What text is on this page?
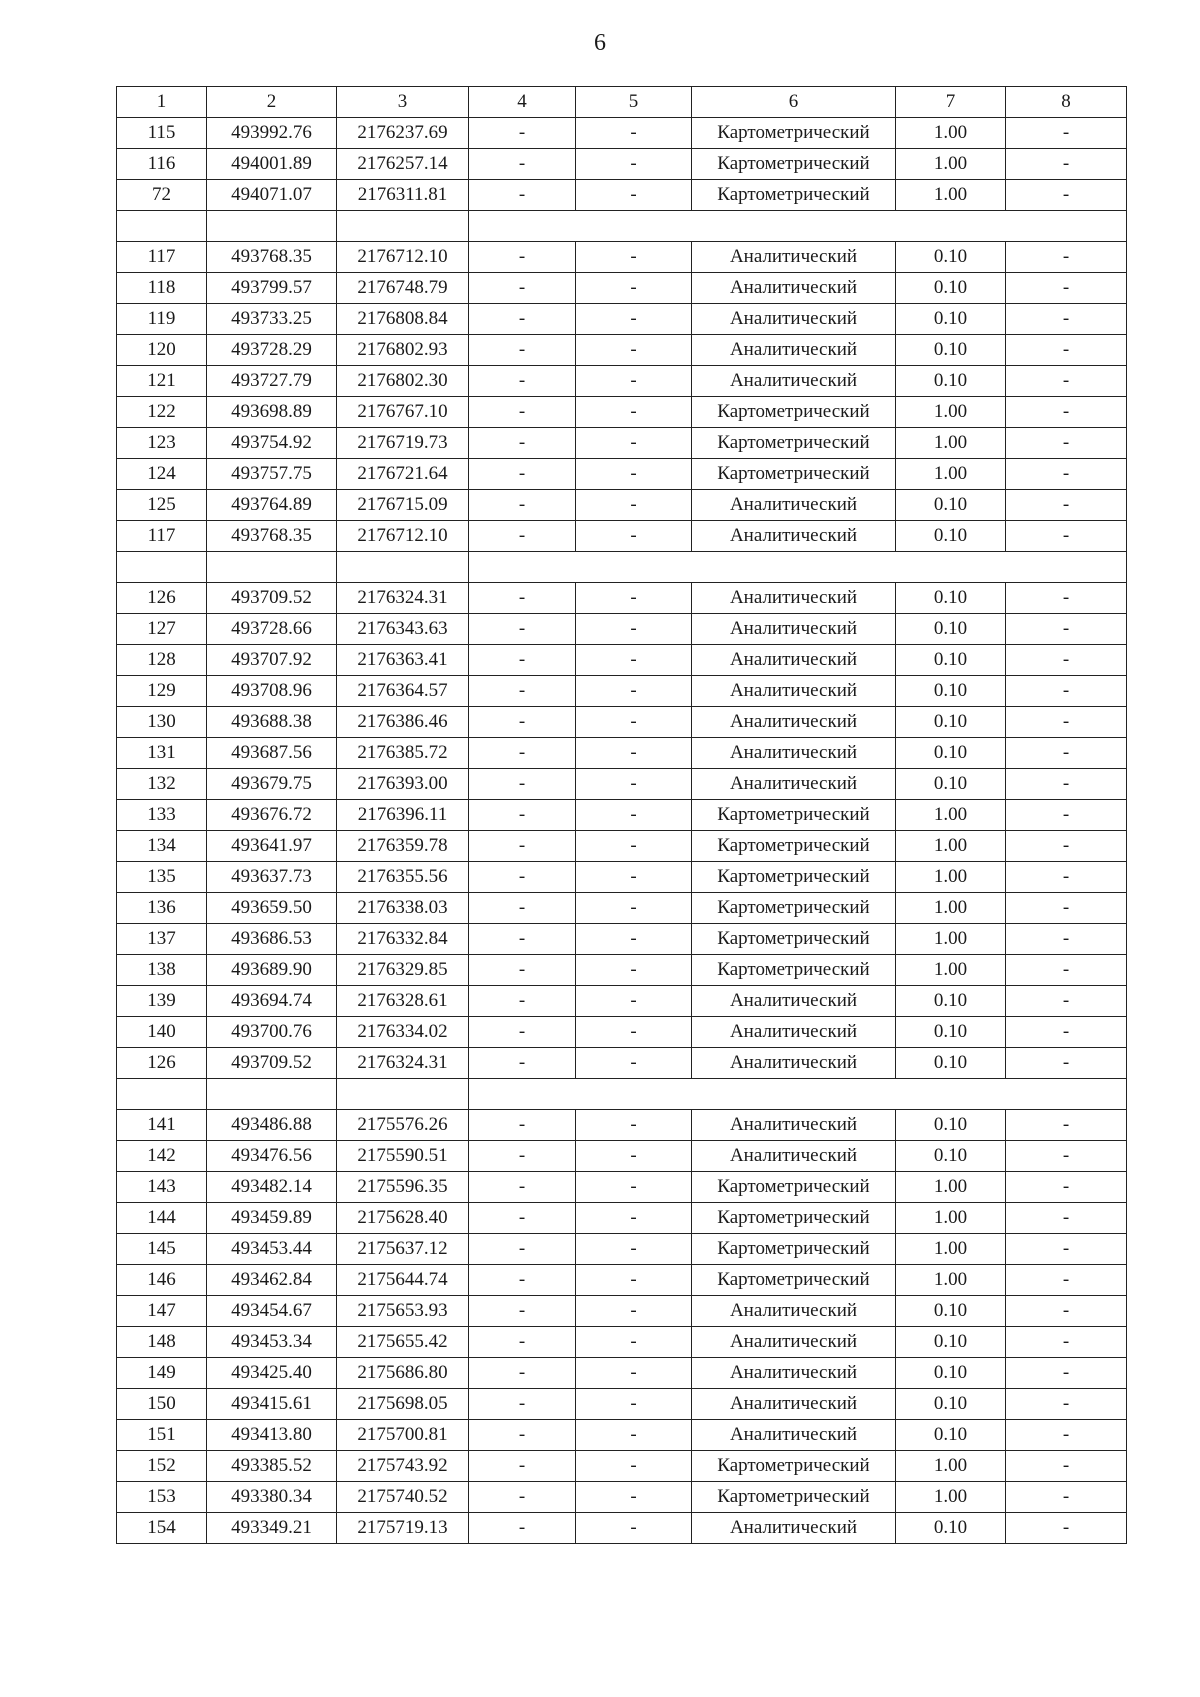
6
1	2	3	4	5	6	7	8
115	493992.76	2176237.69	-	-	Картометрический	1.00	-
116	494001.89	2176257.14	-	-	Картометрический	1.00	-
72	494071.07	2176311.81	-	-	Картометрический	1.00	-

117	493768.35	2176712.10	-	-	Аналитический	0.10	-
118	493799.57	2176748.79	-	-	Аналитический	0.10	-
119	493733.25	2176808.84	-	-	Аналитический	0.10	-
120	493728.29	2176802.93	-	-	Аналитический	0.10	-
121	493727.79	2176802.30	-	-	Аналитический	0.10	-
122	493698.89	2176767.10	-	-	Картометрический	1.00	-
123	493754.92	2176719.73	-	-	Картометрический	1.00	-
124	493757.75	2176721.64	-	-	Картометрический	1.00	-
125	493764.89	2176715.09	-	-	Аналитический	0.10	-
117	493768.35	2176712.10	-	-	Аналитический	0.10	-

126	493709.52	2176324.31	-	-	Аналитический	0.10	-
127	493728.66	2176343.63	-	-	Аналитический	0.10	-
128	493707.92	2176363.41	-	-	Аналитический	0.10	-
129	493708.96	2176364.57	-	-	Аналитический	0.10	-
130	493688.38	2176386.46	-	-	Аналитический	0.10	-
131	493687.56	2176385.72	-	-	Аналитический	0.10	-
132	493679.75	2176393.00	-	-	Аналитический	0.10	-
133	493676.72	2176396.11	-	-	Картометрический	1.00	-
134	493641.97	2176359.78	-	-	Картометрический	1.00	-
135	493637.73	2176355.56	-	-	Картометрический	1.00	-
136	493659.50	2176338.03	-	-	Картометрический	1.00	-
137	493686.53	2176332.84	-	-	Картометрический	1.00	-
138	493689.90	2176329.85	-	-	Картометрический	1.00	-
139	493694.74	2176328.61	-	-	Аналитический	0.10	-
140	493700.76	2176334.02	-	-	Аналитический	0.10	-
126	493709.52	2176324.31	-	-	Аналитический	0.10	-

141	493486.88	2175576.26	-	-	Аналитический	0.10	-
142	493476.56	2175590.51	-	-	Аналитический	0.10	-
143	493482.14	2175596.35	-	-	Картометрический	1.00	-
144	493459.89	2175628.40	-	-	Картометрический	1.00	-
145	493453.44	2175637.12	-	-	Картометрический	1.00	-
146	493462.84	2175644.74	-	-	Картометрический	1.00	-
147	493454.67	2175653.93	-	-	Аналитический	0.10	-
148	493453.34	2175655.42	-	-	Аналитический	0.10	-
149	493425.40	2175686.80	-	-	Аналитический	0.10	-
150	493415.61	2175698.05	-	-	Аналитический	0.10	-
151	493413.80	2175700.81	-	-	Аналитический	0.10	-
152	493385.52	2175743.92	-	-	Картометрический	1.00	-
153	493380.34	2175740.52	-	-	Картометрический	1.00	-
154	493349.21	2175719.13	-	-	Аналитический	0.10	-
